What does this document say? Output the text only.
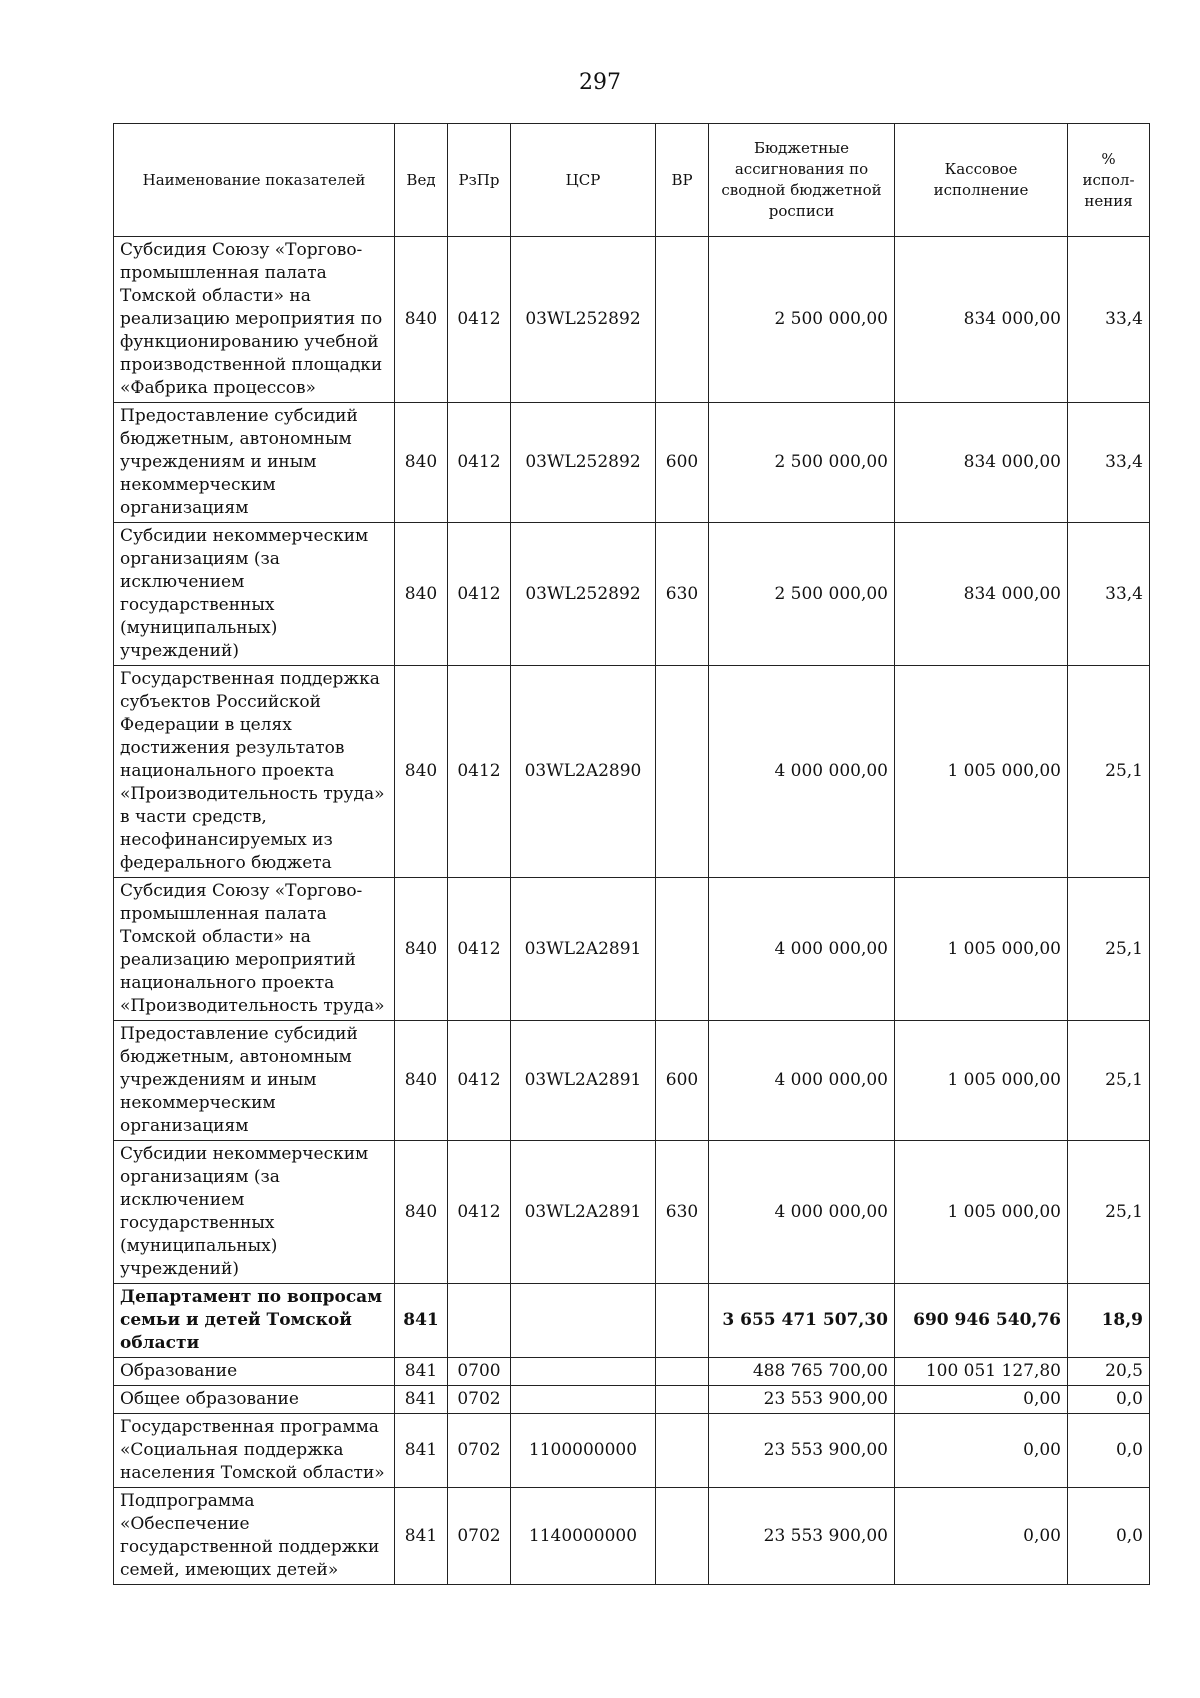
297
Наименование показателей	Вед	РзПр	ЦСР	ВР	Бюджетные ассигнования по сводной бюджетной росписи	Кассовое исполнение	% испол-нения
Субсидия Союзу «Торгово-промышленная палата Томской области» на реализацию мероприятия по функционированию учебной производственной площадки «Фабрика процессов»	840	0412	03WL252892		2 500 000,00	834 000,00	33,4
Предоставление субсидий бюджетным, автономным учреждениям и иным некоммерческим организациям	840	0412	03WL252892	600	2 500 000,00	834 000,00	33,4
Субсидии некоммерческим организациям (за исключением государственных (муниципальных) учреждений)	840	0412	03WL252892	630	2 500 000,00	834 000,00	33,4
Государственная поддержка субъектов Российской Федерации в целях достижения результатов национального проекта «Производительность труда» в части средств, несофинансируемых из федерального бюджета	840	0412	03WL2A2890		4 000 000,00	1 005 000,00	25,1
Субсидия Союзу «Торгово-промышленная палата Томской области» на реализацию мероприятий национального проекта «Производительность труда»	840	0412	03WL2A2891		4 000 000,00	1 005 000,00	25,1
Предоставление субсидий бюджетным, автономным учреждениям и иным некоммерческим организациям	840	0412	03WL2A2891	600	4 000 000,00	1 005 000,00	25,1
Субсидии некоммерческим организациям (за исключением государственных (муниципальных) учреждений)	840	0412	03WL2A2891	630	4 000 000,00	1 005 000,00	25,1
Департамент по вопросам семьи и детей Томской области	841				3 655 471 507,30	690 946 540,76	18,9
Образование	841	0700			488 765 700,00	100 051 127,80	20,5
Общее образование	841	0702			23 553 900,00	0,00	0,0
Государственная программа «Социальная поддержка населения Томской области»	841	0702	1100000000		23 553 900,00	0,00	0,0
Подпрограмма «Обеспечение государственной поддержки семей, имеющих детей»	841	0702	1140000000		23 553 900,00	0,00	0,0
